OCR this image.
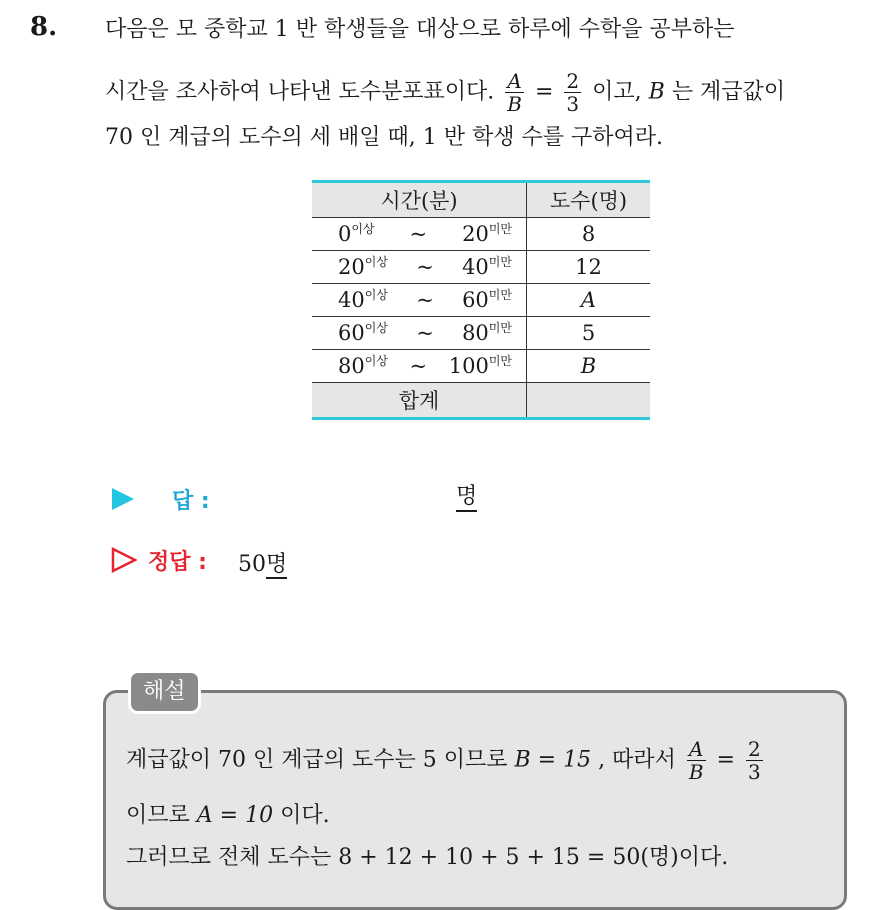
8. 다음은 모 중학교 1 반 학생들을 대상으로 하루에 수학을 공부하는
시간을 조사하여 나타낸 도수분포표이다. $\frac{A}{B} = \frac{2}{3}$ 이고, B 는 계급값이
70 인 계급의 도수의 세 배일 때, 1 반 학생 수를 구하여라.
시간(분)	도수(명)

$0^{이상}$ ~ $20^{미만}$	8

$20^{이상}$ ~ $40^{미만}$	12

$40^{이상}$ ~ $60^{미만}$	A

$60^{이상}$ ~ $80^{미만}$	5

$80^{이상}$ ~ $100^{미만}$	B
합계	
답 :	명
정답 : 50명
해설
계급값이 70 인 계급의 도수는 5 이므로 B = 15 , 따라서 $\frac{A}{B} = \frac{2}{3}$
이므로 A = 10 이다.
그러므로 전체 도수는 8 + 12 + 10 + 5 + 15 = 50(명)이다.
